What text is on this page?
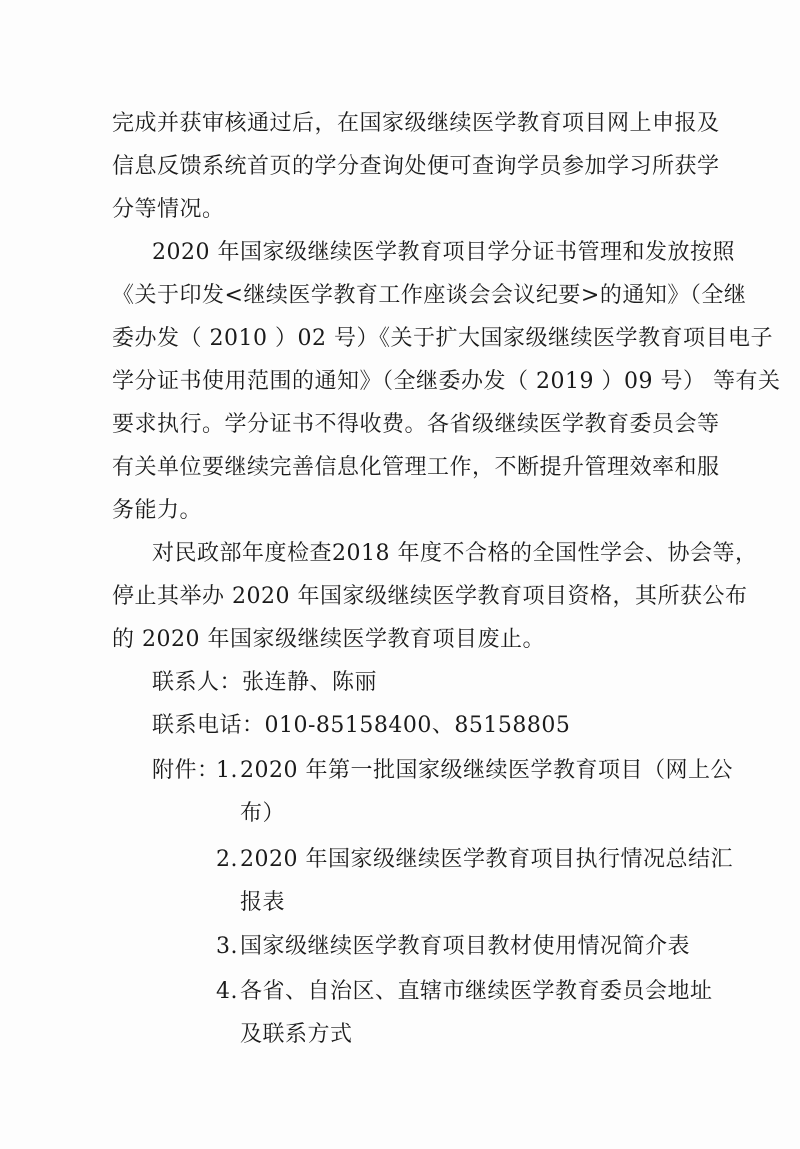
完成并获审核通过后，在国家级继续医学教育项目网上申报及
信息反馈系统首页的学分查询处便可查询学员参加学习所获学
分等情况。
2020 年国家级继续医学教育项目学分证书管理和发放按照
《关于印发<继续医学教育工作座谈会会议纪要>的通知》（全继
委办发（ 2010 ）02 号）《关于扩大国家级继续医学教育项目电子
学分证书使用范围的通知》（全继委办发（ 2019 ）09 号） 等有关
要求执行。学分证书不得收费。各省级继续医学教育委员会等
有关单位要继续完善信息化管理工作，不断提升管理效率和服
务能力。
对民政部年度检查2018 年度不合格的全国性学会、协会等，
停止其举办 2020 年国家级继续医学教育项目资格，其所获公布
的 2020 年国家级继续医学教育项目废止。
联系人：张连静、陈丽
联系电话：010-85158400、85158805
附件：
1. 2020 年第一批国家级继续医学教育项目（网上公
布）
2. 2020 年国家级继续医学教育项目执行情况总结汇
报表
3. 国家级继续医学教育项目教材使用情况简介表
4. 各省、自治区、直辖市继续医学教育委员会地址
及联系方式
